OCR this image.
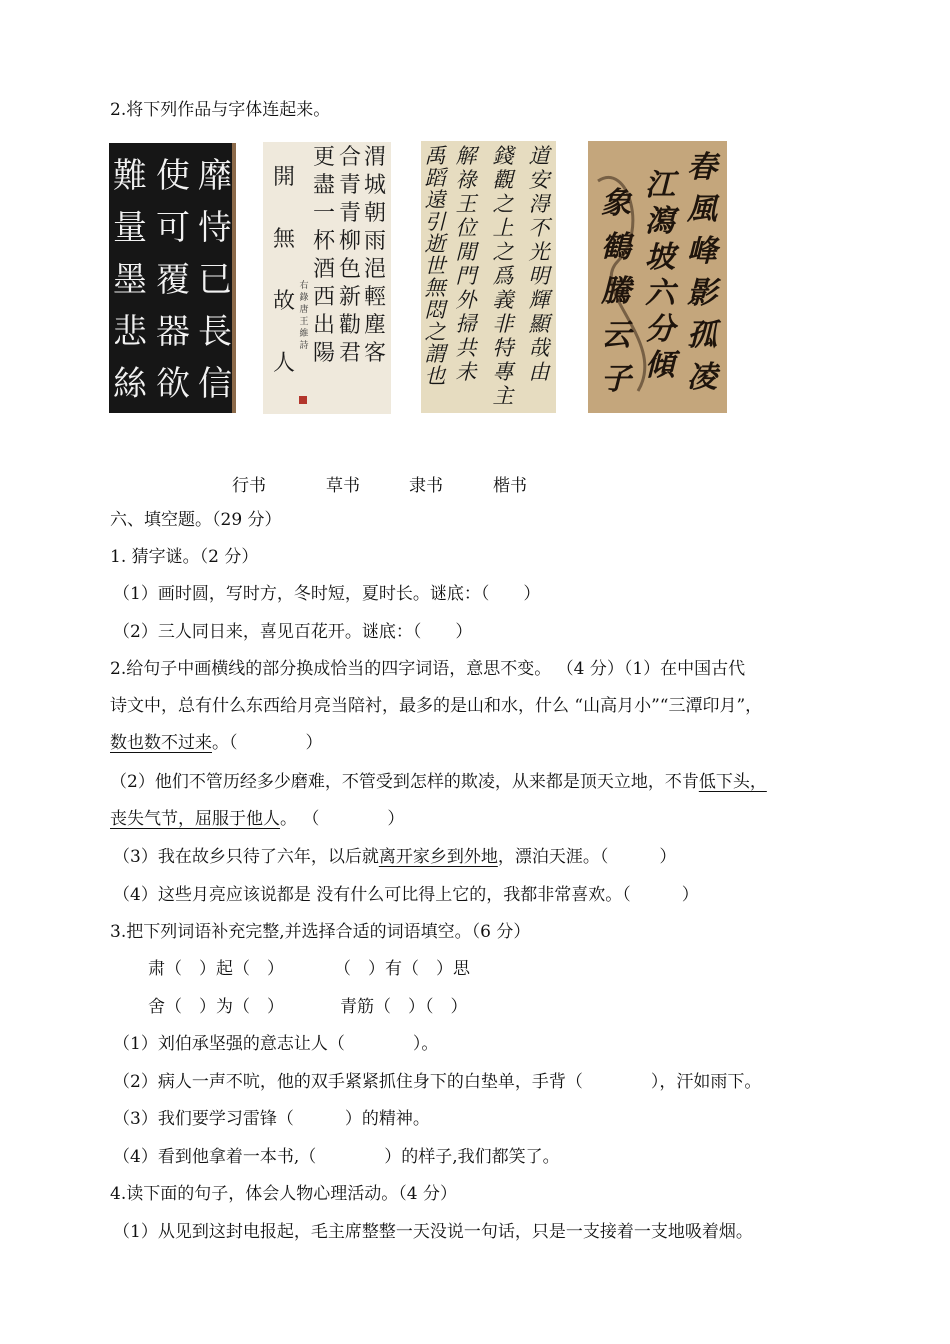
2.将下列作品与字体连起来。
難量墨悲絲
使可覆器欲
靡恃已長信
開無故人
更盡一杯酒西出陽
合青青柳色新勸君
渭城朝雨浥輕塵客
右錄唐王維詩
禹蹈遠引逝世無悶之謂也
解祿王位閒門外掃共未
錢觀之上之爲義非特專主
道安淂不光明輝顯哉由
象鶴騰云子
江瀉坡六分傾
春風峰影孤凌
行书	草书	隶书	楷书
六、填空题。（29 分）
1. 猜字谜。（2 分）
（1）画时圆，写时方，冬时短，夏时长。谜底：（　　）
（2）三人同日来，喜见百花开。谜底：（　　）
2.给句子中画横线的部分换成恰当的四字词语，意思不变。 （4 分）（1）在中国古代
诗文中，总有什么东西给月亮当陪衬，最多的是山和水，什么 “山高月小”“三潭印月”，
数也数不过来。（　　　　）
（2）他们不管历经多少磨难，不管受到怎样的欺凌，从来都是顶天立地，不肯低下头，
丧失气节，屈服于他人。 （　　　　）
（3）我在故乡只待了六年，以后就离开家乡到外地，漂泊天涯。（　　　）
（4）这些月亮应该说都是 没有什么可比得上它的，我都非常喜欢。（　　　）
3.把下列词语补充完整,并选择合适的词语填空。（6 分）
肃（　）起（　）	（　）有（　）思
舍（　）为（　）	青筋（　）（　）
（1）刘伯承坚强的意志让人（　　　　）。
（2）病人一声不吭，他的双手紧紧抓住身下的白垫单，手背（　　　　），汗如雨下。
（3）我们要学习雷锋（　　　）的精神。
（4）看到他拿着一本书,（　　　　）的样子,我们都笑了。
4.读下面的句子，体会人物心理活动。（4 分）
（1）从见到这封电报起，毛主席整整一天没说一句话，只是一支接着一支地吸着烟。
